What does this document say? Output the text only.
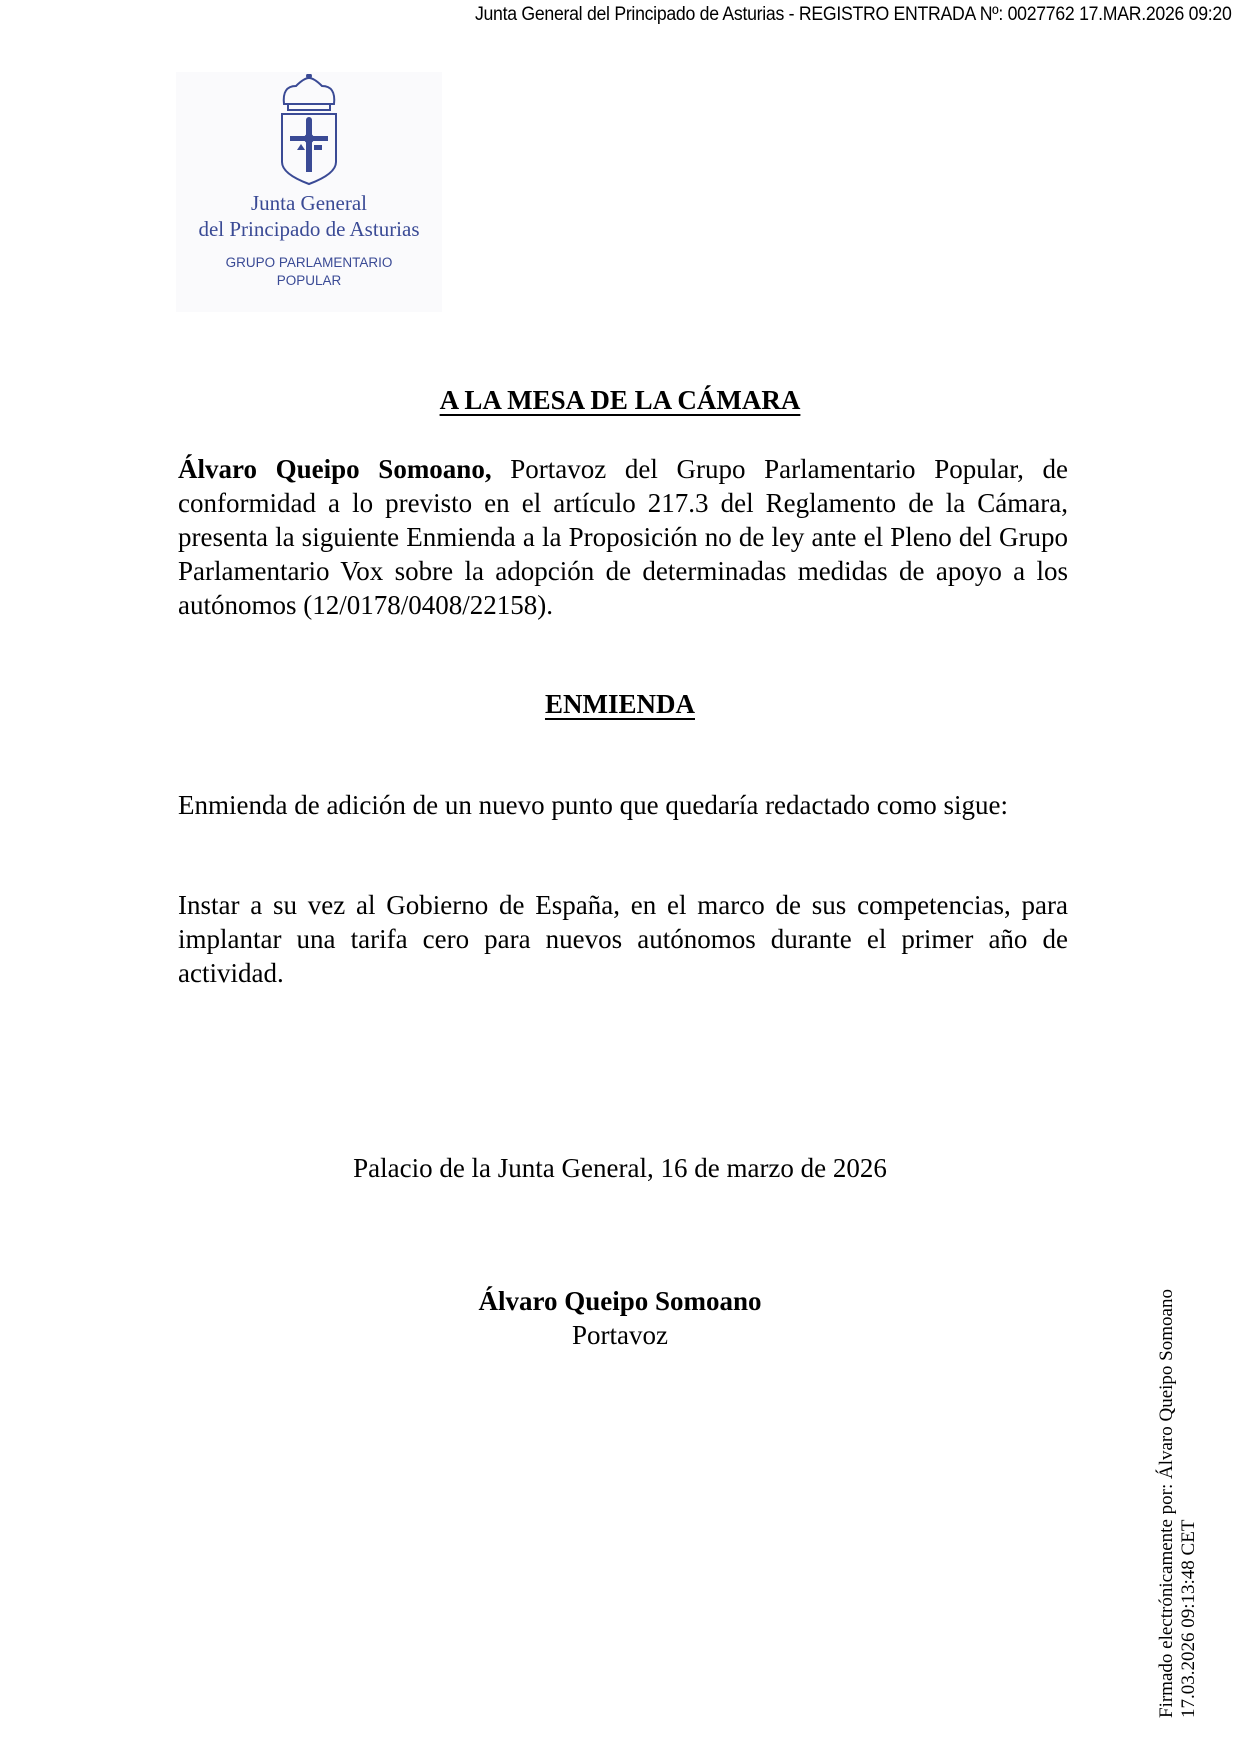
Junta General del Principado de Asturias - REGISTRO ENTRADA Nº: 0027762 17.MAR.2026 09:20
Junta General
del Principado de Asturias
GRUPO PARLAMENTARIO
POPULAR
A LA MESA DE LA CÁMARA
Álvaro Queipo Somoano, Portavoz del Grupo Parlamentario Popular, de conformidad a lo previsto en el artículo 217.3 del Reglamento de la Cámara, presenta la siguiente Enmienda a la Proposición no de ley ante el Pleno del Grupo Parlamentario Vox sobre la adopción de determinadas medidas de apoyo a los autónomos (12/0178/0408/22158).
ENMIENDA
Enmienda de adición de un nuevo punto que quedaría redactado como sigue:
Instar a su vez al Gobierno de España, en el marco de sus competencias, para implantar una tarifa cero para nuevos autónomos durante el primer año de actividad.
Palacio de la Junta General, 16 de marzo de 2026
Álvaro Queipo Somoano
Portavoz	Firmado electrónicamente por: Álvaro Queipo Somoano 17.03.2026 09:13:48 CET
